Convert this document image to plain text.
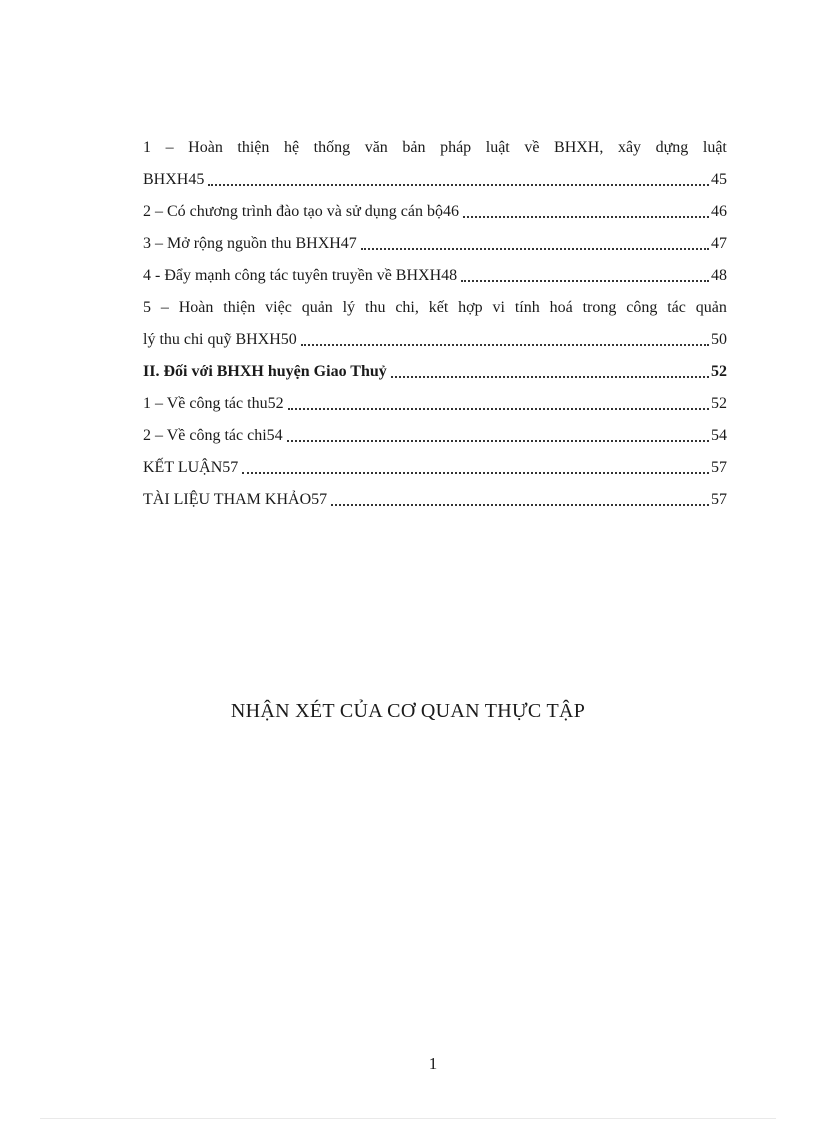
1 – Hoàn thiện hệ thống văn bản pháp luật về BHXH, xây dựng luật
BHXH45	45
2 – Có chương trình đào tạo và sử dụng cán bộ46	46
3 – Mở rộng nguồn thu BHXH47	47
4 - Đẩy mạnh công tác tuyên truyền về BHXH48	48
5 – Hoàn thiện việc quản lý thu chi, kết hợp vi tính hoá trong công tác quản
lý thu chi quỹ BHXH50	50
II. Đối với BHXH huyện Giao Thuỷ	52
1 – Về công tác thu52	52
2 – Về công tác chi54	54
KẾT LUẬN57	57
TÀI LIỆU THAM KHẢO57	57
NHẬN XÉT CỦA CƠ QUAN THỰC TẬP
1
